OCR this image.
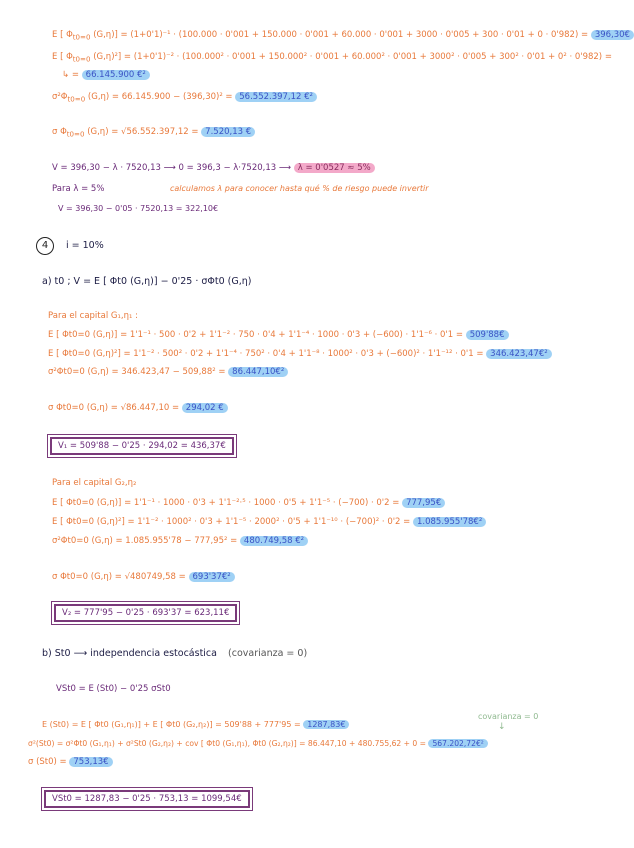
E [ $\Phi_{t0=0}$ (G,η)] = (1+0'1)⁻¹ · (100.000 · 0'001 + 150.000 · 0'001 + 60.000 · 0'001 + 3000 · 0'005 + 300 · 0'01 + 0 · 0'982) = 396,30€
E [ $\Phi_{t0=0}$ (G,η)²] = (1+0'1)⁻² · (100.000² · 0'001 + 150.000² · 0'001 + 60.000² · 0'001 + 3000² · 0'005 + 300² · 0'01 + 0² · 0'982) =
↳ = 66.145.900 €²
$\sigma^2\Phi_{t0=0}$ (G,η) = 66.145.900 − (396,30)² = 56.552.397,12 €²
σ $\Phi_{t0=0}$ (G,η) = √56.552.397,12 = 7.520,13 €
V = 396,30 − λ · 7520,13 ⟶ 0 = 396,3 − λ·7520,13 ⟶ λ = 0'0527 ≈ 5%
Para λ = 5%	calculamos λ para conocer hasta qué % de riesgo puede invertir
V = 396,30 − 0'05 · 7520,13 = 322,10€
4	i = 10%
a) t0 ; V = E [ Φt0 (G,η)] − 0'25 · σΦt0 (G,η)
Para el capital G₁,η₁ :
E [ Φt0=0 (G,η)] = 1'1⁻¹ · 500 · 0'2 + 1'1⁻² · 750 · 0'4 + 1'1⁻⁴ · 1000 · 0'3 + (−600) · 1'1⁻⁶ · 0'1 = 509'88€
E [ Φt0=0 (G,η)²] = 1'1⁻² · 500² · 0'2 + 1'1⁻⁴ · 750² · 0'4 + 1'1⁻⁸ · 1000² · 0'3 + (−600)² · 1'1⁻¹² · 0'1 = 346.423,47€²
σ²Φt0=0 (G,η) = 346.423,47 − 509,88² = 86.447,10€²
σ Φt0=0 (G,η) = √86.447,10 = 294,02 €
V₁ = 509'88 − 0'25 · 294,02 = 436,37€
Para el capital G₂,η₂
E [ Φt0=0 (G,η)] = 1'1⁻¹ · 1000 · 0'3 + 1'1⁻²·⁵ · 1000 · 0'5 + 1'1⁻⁵ · (−700) · 0'2 = 777,95€
E [ Φt0=0 (G,η)²] = 1'1⁻² · 1000² · 0'3 + 1'1⁻⁵ · 2000² · 0'5 + 1'1⁻¹⁰ · (−700)² · 0'2 = 1.085.955'78€²
σ²Φt0=0 (G,η) = 1.085.955'78 − 777,95² = 480.749,58 €²
σ Φt0=0 (G,η) = √480749,58 = 693'37€²
V₂ = 777'95 − 0'25 · 693'37 = 623,11€
b) St0 ⟶ independencia estocástica (covarianza = 0)
VSt0 = E (St0) − 0'25 σSt0
covarianza = 0
↓
E (St0) = E [ Φt0 (G₁,η₁)] + E [ Φt0 (G₂,η₂)] = 509'88 + 777'95 = 1287,83€
σ²(St0) = σ²Φt0 (G₁,η₁) + σ²St0 (G₂,η₂) + cov [ Φt0 (G₁,η₁), Φt0 (G₂,η₂)] = 86.447,10 + 480.755,62 + 0 = 567.202,72€²
σ (St0) = 753,13€
VSt0 = 1287,83 − 0'25 · 753,13 = 1099,54€
